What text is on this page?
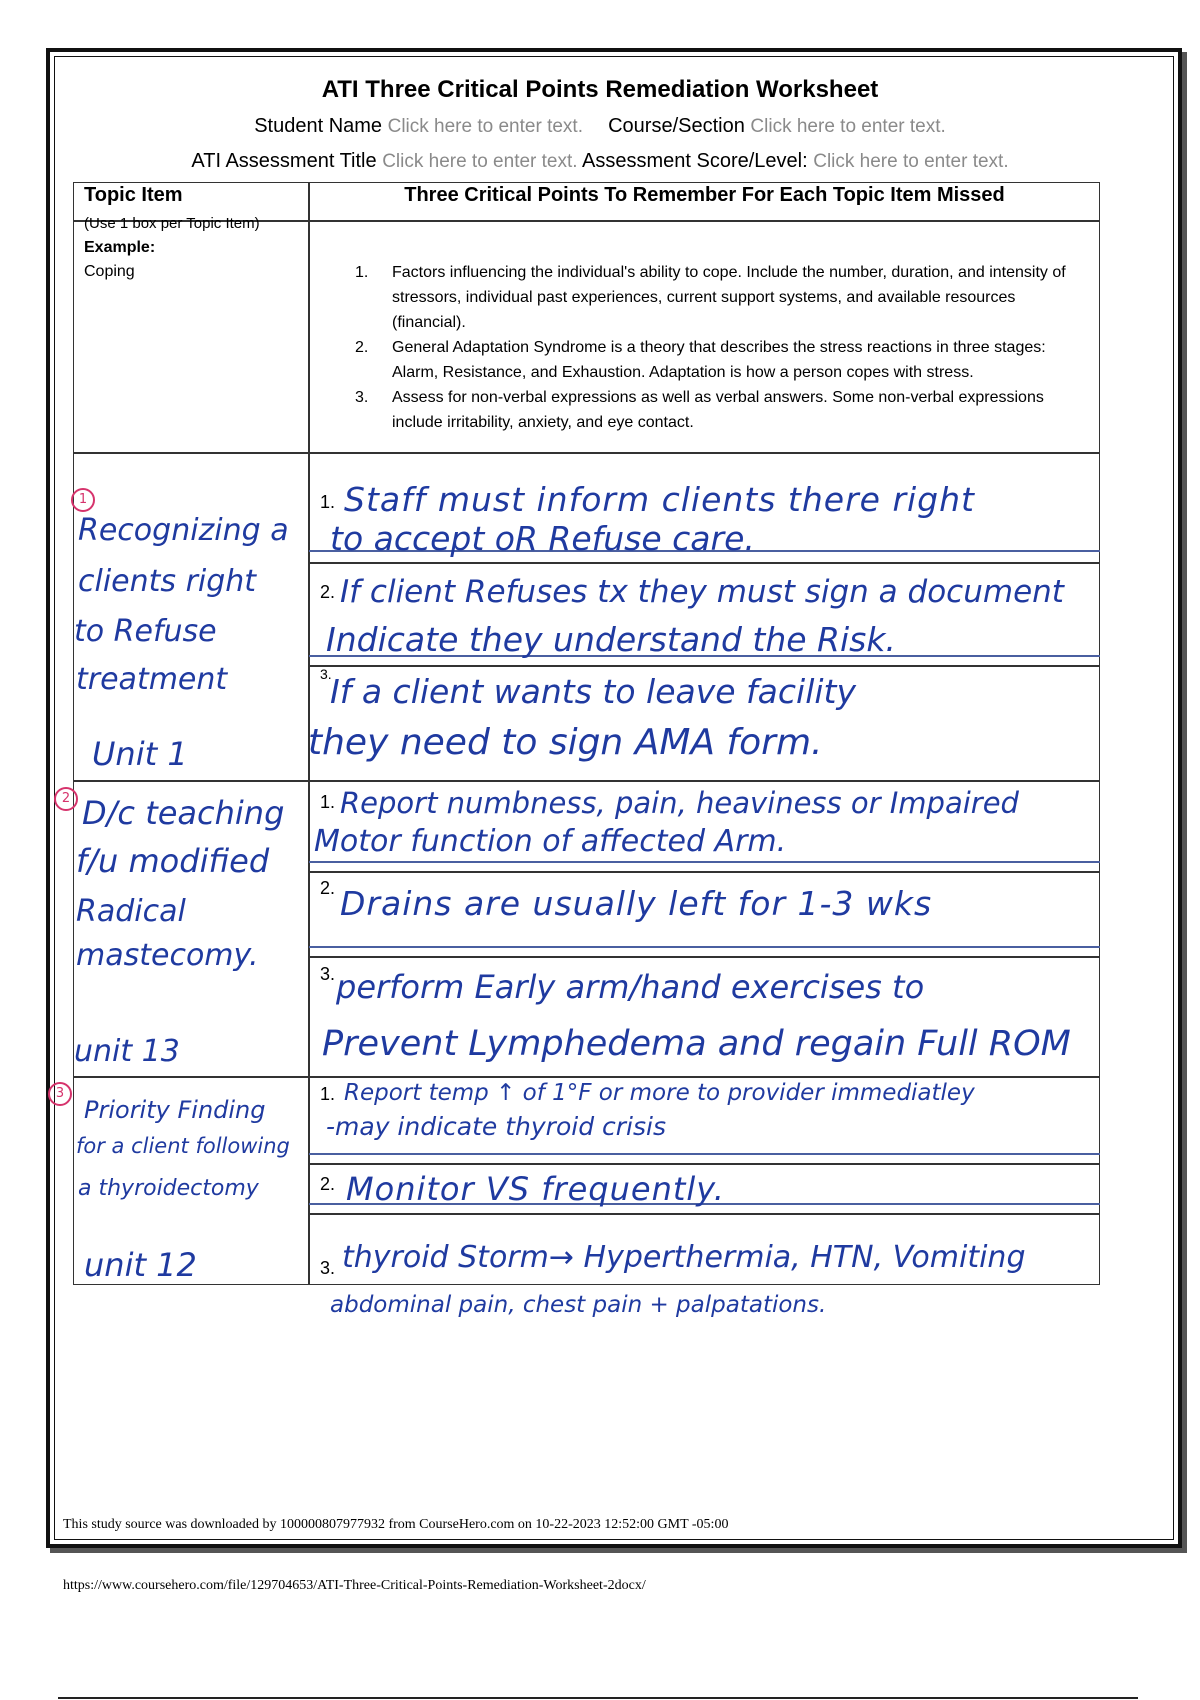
ATI Three Critical Points Remediation Worksheet
Student Name Click here to enter text. Course/Section Click here to enter text.
ATI Assessment Title Click here to enter text. Assessment Score/Level: Click here to enter text.
Topic Item
(Use 1 box per Topic Item)
Three Critical Points To Remember For Each Topic Item Missed
Example:
Coping	1. Factors influencing the individual's ability to cope. Include the number, duration, and intensity of stressors, individual past experiences, current support systems, and available resources (financial).
2. General Adaptation Syndrome is a theory that describes the stress reactions in three stages: Alarm, Resistance, and Exhaustion. Adaptation is how a person copes with stress.
3. Assess for non-verbal expressions as well as verbal answers. Some non-verbal expressions include irritability, anxiety, and eye contact.
1
Recognizing a
clients right
to Refuse
treatment
Unit 1
1. Staff must inform clients there right
to accept oR Refuse care.
2. If client Refuses tx they must sign a document
Indicate they understand the Risk.
3.
If a client wants to leave facility
they need to sign AMA form.
2 D/c teaching
f/u modified
Radical
mastecomy.
unit 13
1. Report numbness, pain, heaviness or Impaired
Motor function of affected Arm.
2. Drains are usually left for 1-3 wks
3. perform Early arm/hand exercises to
Prevent Lymphedema and regain Full ROM
3
Priority Finding
for a client following
a thyroidectomy
unit 12
1. Report temp ↑ of 1°F or more to provider immediatley
-may indicate thyroid crisis
2. Monitor VS frequently.
3. thyroid Storm→ Hyperthermia, HTN, Vomiting
abdominal pain, chest pain + palpatations.
This study source was downloaded by 100000807977932 from CourseHero.com on 10-22-2023 12:52:00 GMT -05:00
https://www.coursehero.com/file/129704653/ATI-Three-Critical-Points-Remediation-Worksheet-2docx/
